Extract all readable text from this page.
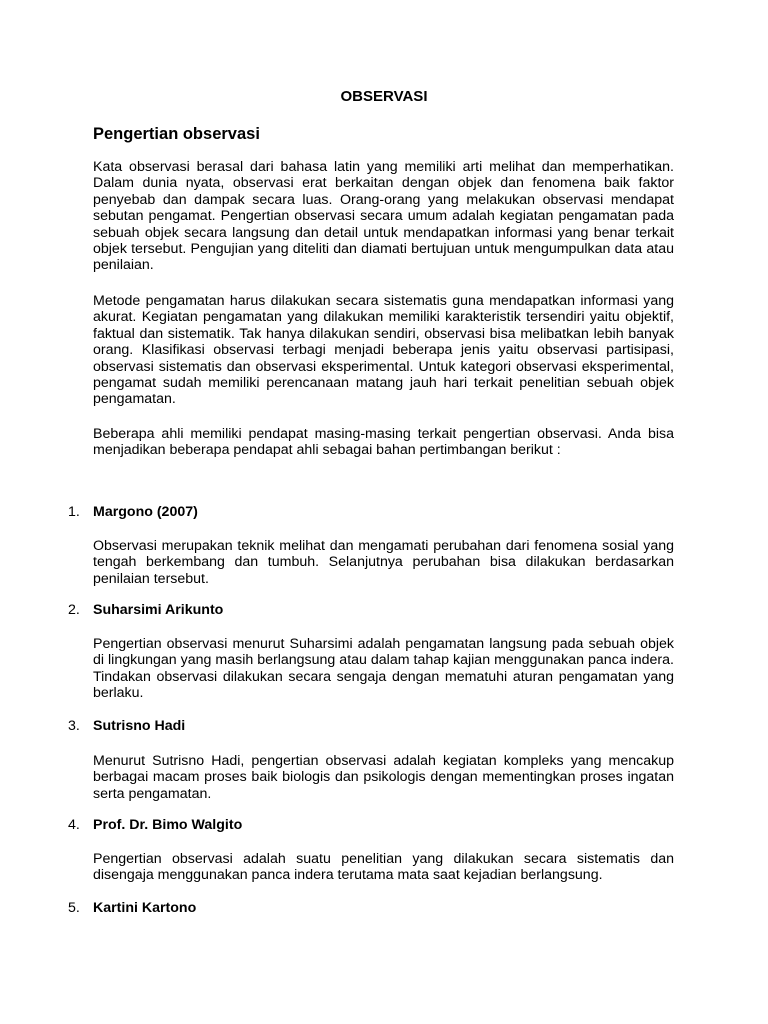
OBSERVASI
Pengertian observasi

Kata observasi berasal dari bahasa latin yang memiliki arti melihat dan memperhatikan. Dalam dunia nyata, observasi erat berkaitan dengan objek dan fenomena baik faktor penyebab dan dampak secara luas. Orang-orang yang melakukan observasi mendapat sebutan pengamat. Pengertian observasi secara umum adalah kegiatan pengamatan pada sebuah objek secara langsung dan detail untuk mendapatkan informasi yang benar terkait objek tersebut. Pengujian yang diteliti dan diamati bertujuan untuk mengumpulkan data atau penilaian.

Metode pengamatan harus dilakukan secara sistematis guna mendapatkan informasi yang akurat. Kegiatan pengamatan yang dilakukan memiliki karakteristik tersendiri yaitu objektif, faktual dan sistematik. Tak hanya dilakukan sendiri, observasi bisa melibatkan lebih banyak orang. Klasifikasi observasi terbagi menjadi beberapa jenis yaitu observasi partisipasi, observasi sistematis dan observasi eksperimental. Untuk kategori observasi eksperimental, pengamat sudah memiliki perencanaan matang jauh hari terkait penelitian sebuah objek pengamatan.

Beberapa ahli memiliki pendapat masing-masing terkait pengertian observasi. Anda bisa menjadikan beberapa pendapat ahli sebagai bahan pertimbangan berikut :

1. Margono (2007)

Observasi merupakan teknik melihat dan mengamati perubahan dari fenomena sosial yang tengah berkembang dan tumbuh. Selanjutnya perubahan bisa dilakukan berdasarkan penilaian tersebut.

2. Suharsimi Arikunto

Pengertian observasi menurut Suharsimi adalah pengamatan langsung pada sebuah objek di lingkungan yang masih berlangsung atau dalam tahap kajian menggunakan panca indera. Tindakan observasi dilakukan secara sengaja dengan mematuhi aturan pengamatan yang berlaku.

3. Sutrisno Hadi

Menurut Sutrisno Hadi, pengertian observasi adalah kegiatan kompleks yang mencakup berbagai macam proses baik biologis dan psikologis dengan mementingkan proses ingatan serta pengamatan.

4. Prof. Dr. Bimo Walgito

Pengertian observasi adalah suatu penelitian yang dilakukan secara sistematis dan disengaja menggunakan panca indera terutama mata saat kejadian berlangsung.

5. Kartini Kartono
